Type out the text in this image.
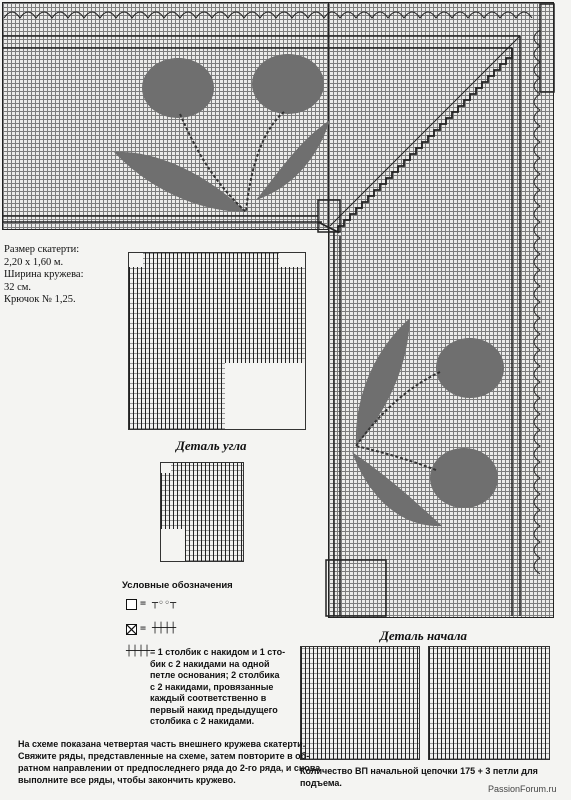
Размер скатерти:
2,20 х 1,60 м.
Ширина кружева:
32 см.
Крючок № 1,25.
Деталь угла
Условные обозначения
= ┬◦◦┬
= ┼┼┼┼
┼┼┼┼ = 1 столбик с накидом и 1 сто-
бик с 2 накидами на одной
петле основания; 2 столбика
с 2 накидами, провязанные
каждый соответственно в
первый накид предыдущего
столбика с 2 накидами.
Деталь начала
На схеме показана четвертая часть внешнего кружева скатерти.
Свяжите ряды, представленные на схеме, затем повторите в об-
ратном направлении от предпоследнего ряда до 2-го ряда, и снова
выполните все ряды, чтобы закончить кружево.
Количество ВП начальной цепочки 175 + 3 петли для подъема.
PassionForum.ru
